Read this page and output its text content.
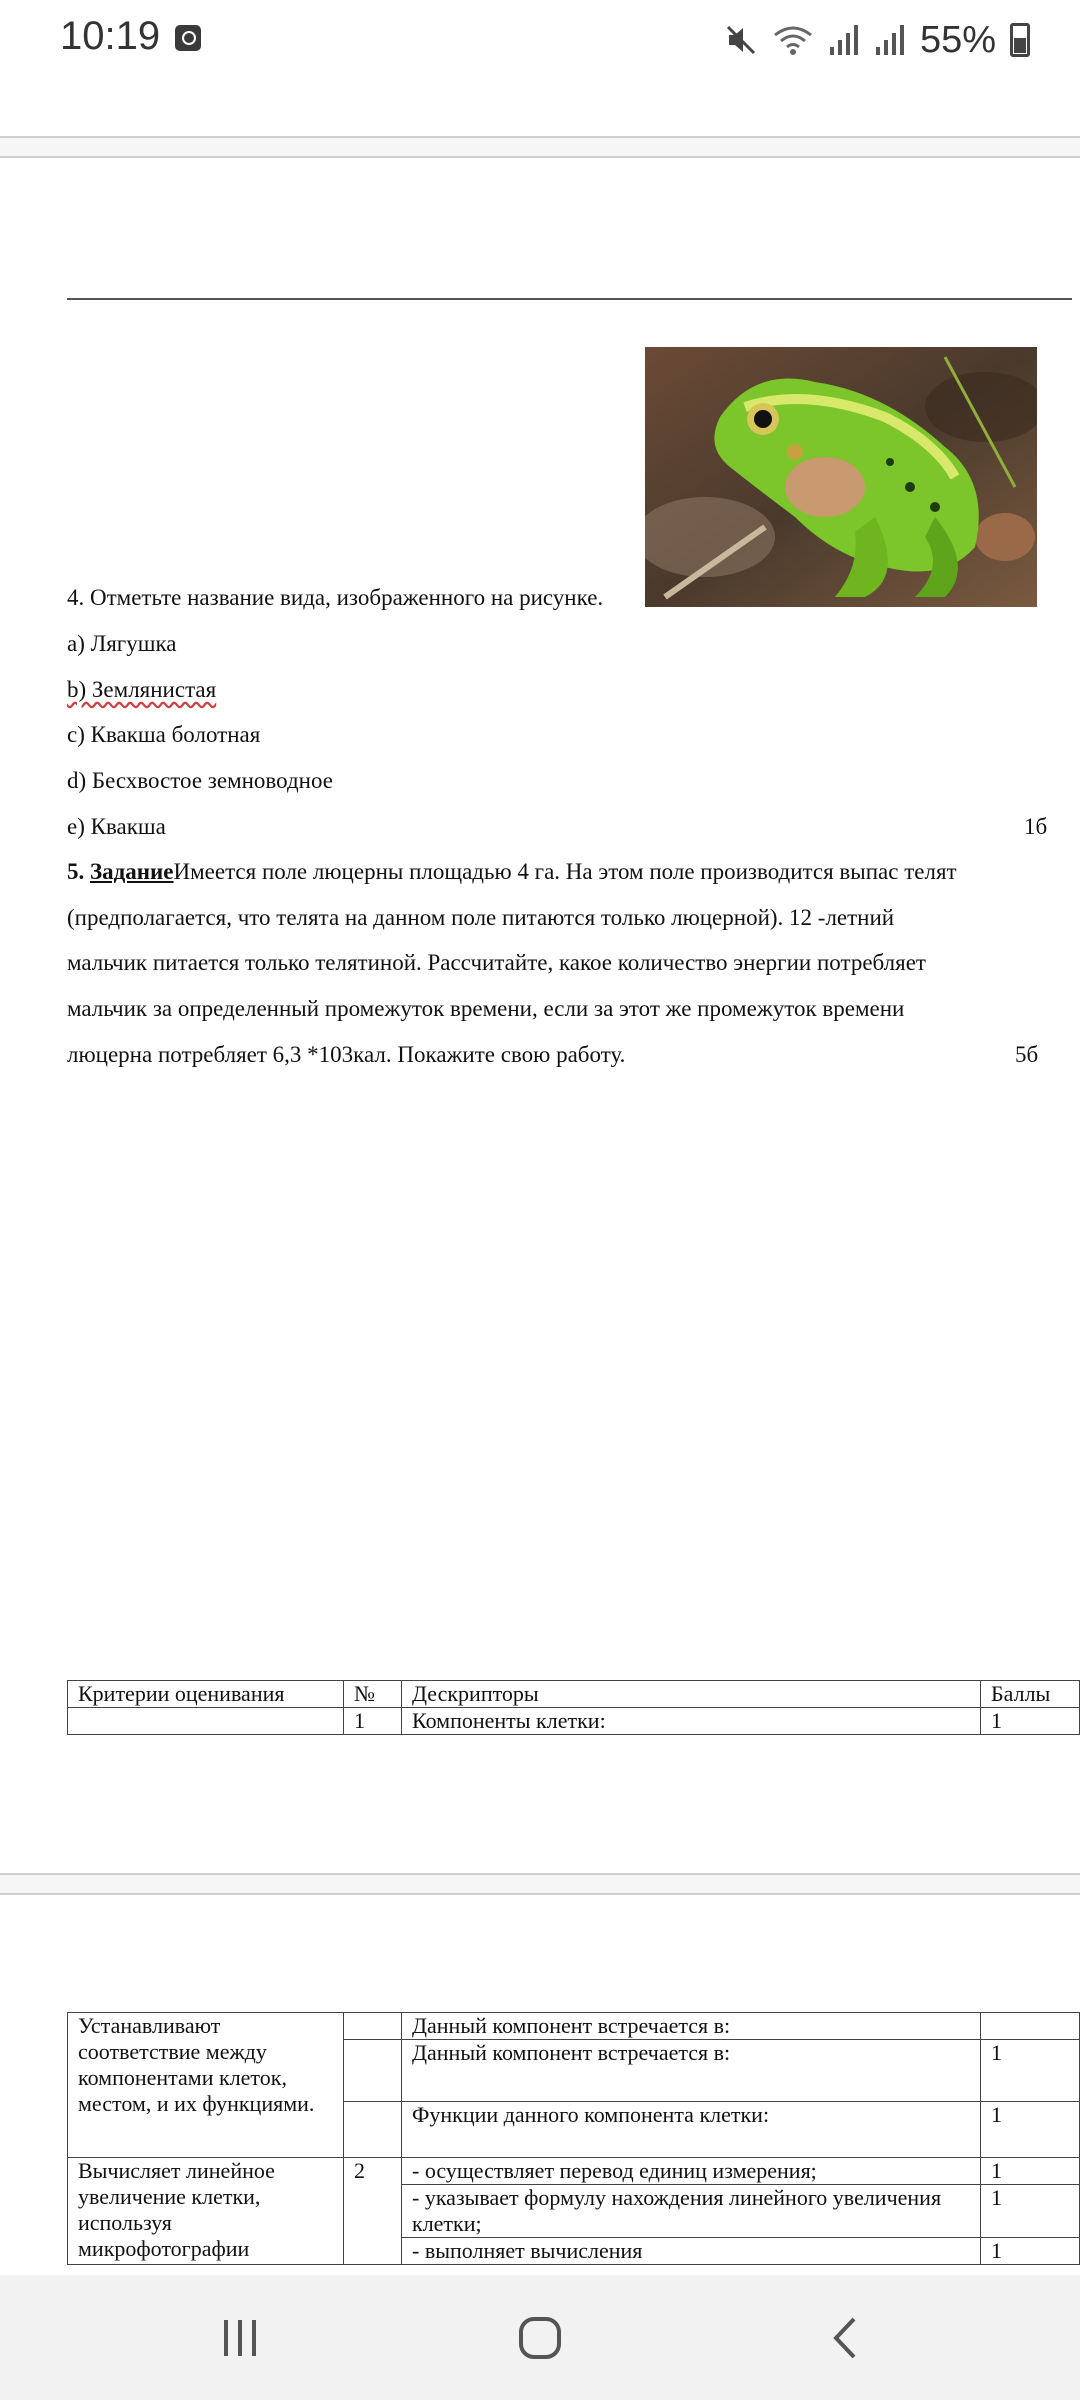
10:19	55%
4. Отметьте название вида, изображенного на рисунке.
a) Лягушка
b) Землянистая
c) Квакша болотная
d) Бесхвостое земноводное
e) Квакша	1б
5. ЗаданиеИмеется поле люцерны площадью 4 га. На этом поле производится выпас телят
(предполагается, что телята на данном поле питаются только люцерной). 12 -летний
мальчик питается только телятиной. Рассчитайте, какое количество энергии потребляет
мальчик за определенный промежуток времени, если за этот же промежуток времени
люцерна потребляет 6,3 *103кал. Покажите свою работу.	5б
Критерии оценивания	№	Дескрипторы	Баллы
	1	Компоненты клетки:	1
Устанавливают соответствие между компонентами клеток, местом, и их функциями.		Данный компонент встречается в:	
		Данный компонент встречается в:	1
		Функции данного компонента клетки:	1
Вычисляет линейное увеличение клетки, используя микрофотографии	2	- осуществляет перевод единиц измерения;	1
		- указывает формулу нахождения линейного увеличения клетки;	1
		- выполняет вычисления	1
